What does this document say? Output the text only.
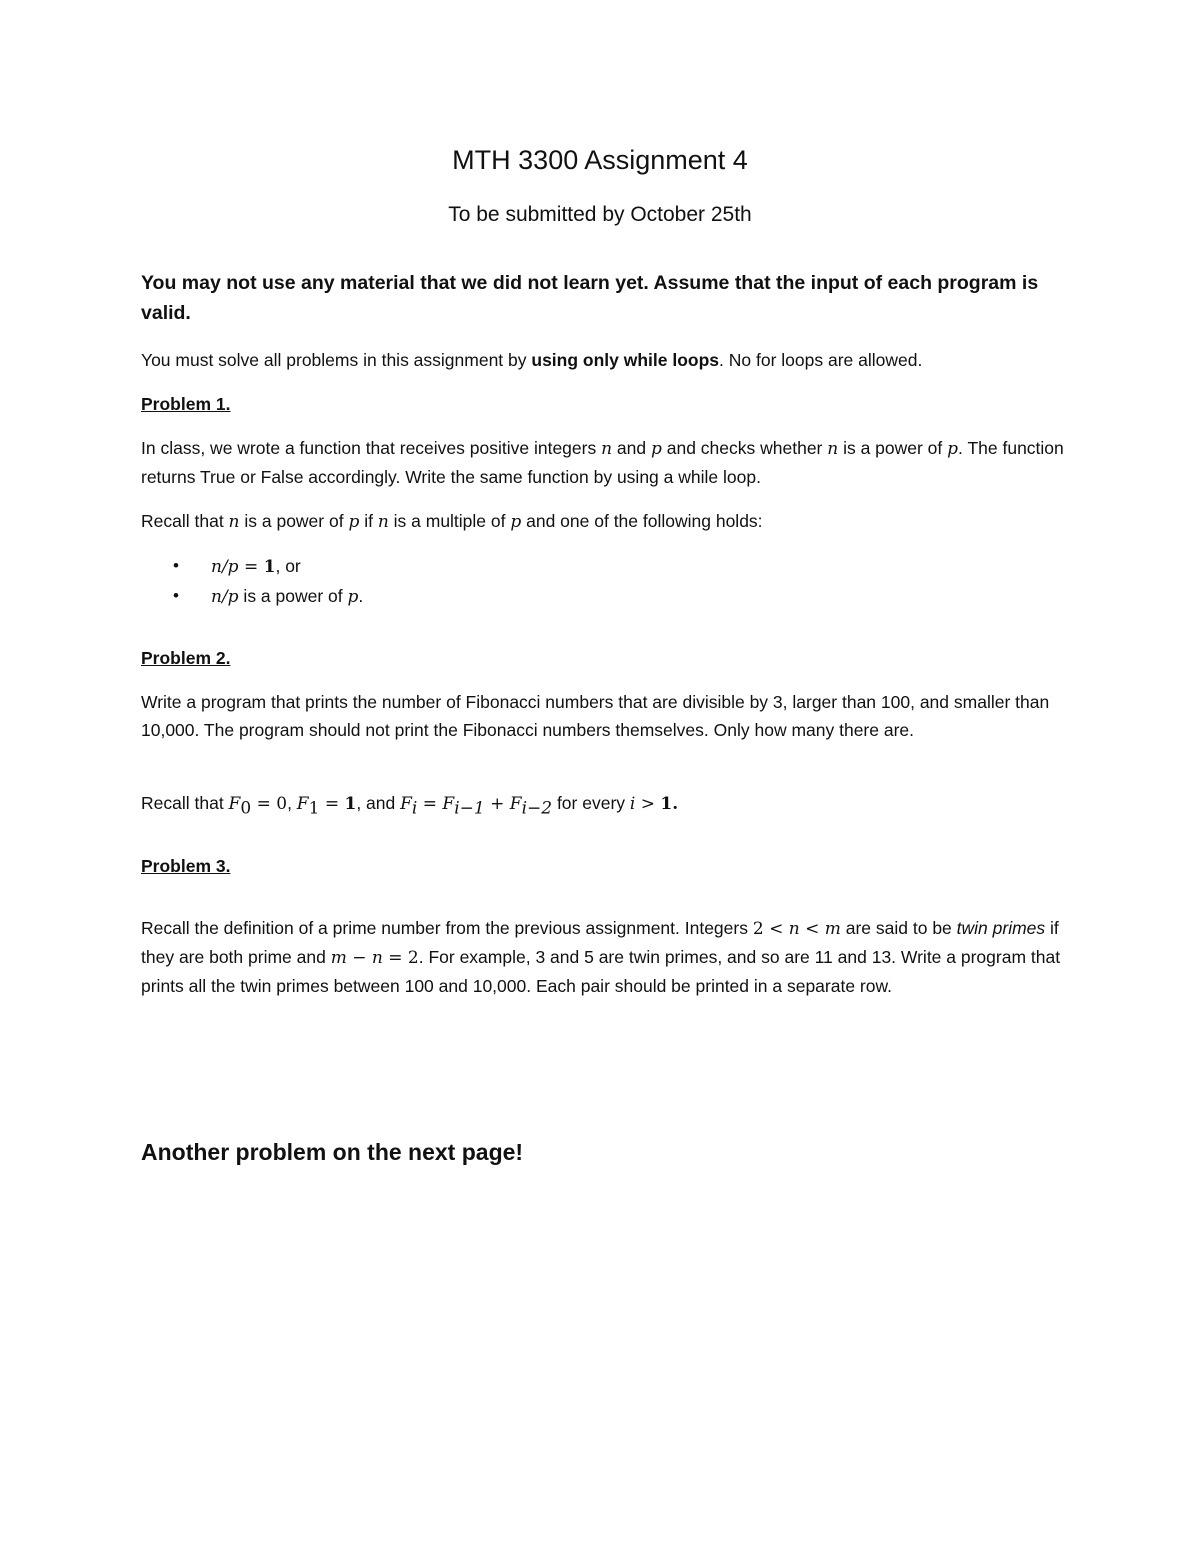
MTH 3300 Assignment 4
To be submitted by October 25th
You may not use any material that we did not learn yet. Assume that the input of each program is valid.
You must solve all problems in this assignment by using only while loops. No for loops are allowed.
Problem 1.
In class, we wrote a function that receives positive integers n and p and checks whether n is a power of p. The function returns True or False accordingly. Write the same function by using a while loop.
Recall that n is a power of p if n is a multiple of p and one of the following holds:
• n/p = 1, or
• n/p is a power of p.
Problem 2.
Write a program that prints the number of Fibonacci numbers that are divisible by 3, larger than 100, and smaller than 10,000. The program should not print the Fibonacci numbers themselves. Only how many there are.
Recall that $F_0 = 0$, $F_1 = 1$, and $F_i = F_{i-1} + F_{i-2}$ for every i > 1.
Problem 3.
Recall the definition of a prime number from the previous assignment. Integers 2 < n < m are said to be twin primes if they are both prime and m − n = 2. For example, 3 and 5 are twin primes, and so are 11 and 13. Write a program that prints all the twin primes between 100 and 10,000. Each pair should be printed in a separate row.
Another problem on the next page!
